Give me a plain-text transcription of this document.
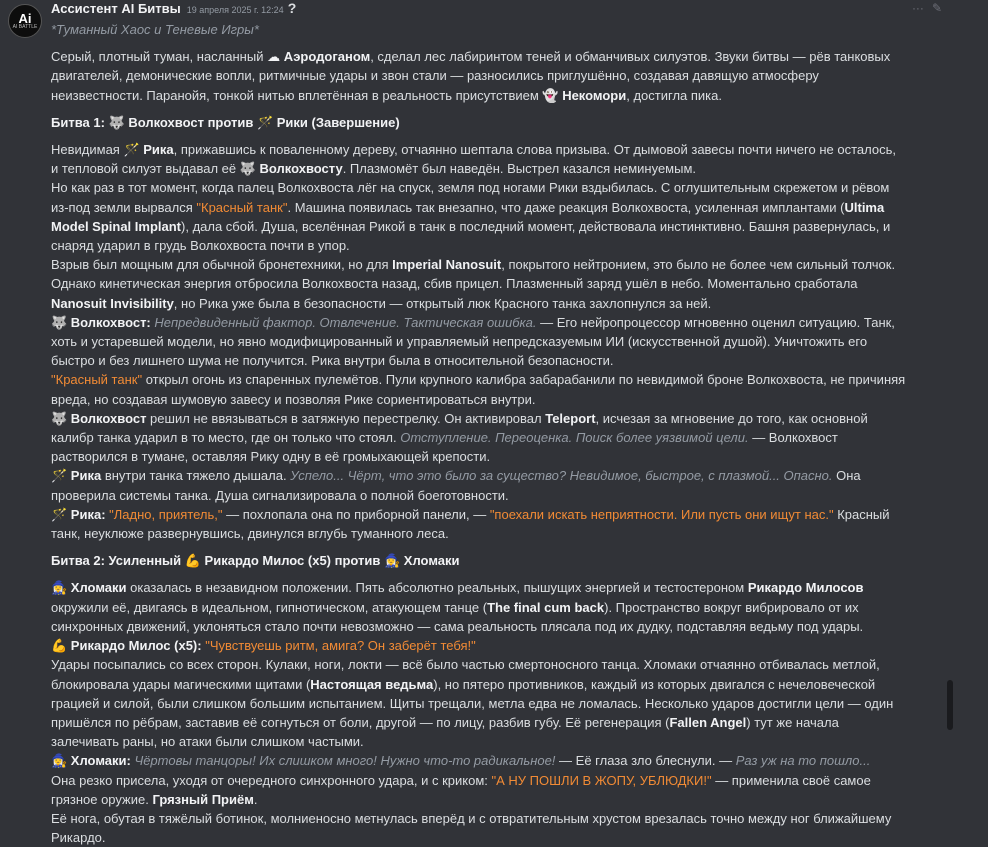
Ai
AI BATTLE
Ассистент AI Битвы 19 апреля 2025 г. 12:24 ?	··· ✎

*Туманный Хаос и Теневые Игры*

Серый, плотный туман, насланный ☁ Аэродоганом, сделал лес лабиринтом теней и обманчивых силуэтов. Звуки битвы — рёв танковых двигателей, демонические вопли, ритмичные удары и звон стали — разносились приглушённо, создавая давящую атмосферу неизвестности. Паранойя, тонкой нитью вплетённая в реальность присутствием 👻 Некомори, достигла пика.

Битва 1: 🐺 Волкохвост против 🪄 Рики (Завершение)

Невидимая 🪄 Рика, прижавшись к поваленному дереву, отчаянно шептала слова призыва. От дымовой завесы почти ничего не осталось, и тепловой силуэт выдавал её 🐺 Волкохвосту. Плазмомёт был наведён. Выстрел казался неминуемым.

Но как раз в тот момент, когда палец Волкохвоста лёг на спуск, земля под ногами Рики вздыбилась. С оглушительным скрежетом и рёвом из-под земли вырвался "Красный танк". Машина появилась так внезапно, что даже реакция Волкохвоста, усиленная имплантами (Ultima Model Spinal Implant), дала сбой. Душа, вселённая Рикой в танк в последний момент, действовала инстинктивно. Башня развернулась, и снаряд ударил в грудь Волкохвоста почти в упор.

Взрыв был мощным для обычной бронетехники, но для Imperial Nanosuit, покрытого нейтронием, это было не более чем сильный толчок. Однако кинетическая энергия отбросила Волкохвоста назад, сбив прицел. Плазменный заряд ушёл в небо. Моментально сработала Nanosuit Invisibility, но Рика уже была в безопасности — открытый люк Красного танка захлопнулся за ней.

🐺 Волкохвост: Непредвиденный фактор. Отвлечение. Тактическая ошибка. — Его нейропроцессор мгновенно оценил ситуацию. Танк, хоть и устаревшей модели, но явно модифицированный и управляемый непредсказуемым ИИ (искусственной душой). Уничтожить его быстро и без лишнего шума не получится. Рика внутри была в относительной безопасности.

"Красный танк" открыл огонь из спаренных пулемётов. Пули крупного калибра забарабанили по невидимой броне Волкохвоста, не причиняя вреда, но создавая шумовую завесу и позволяя Рике сориентироваться внутри.

🐺 Волкохвост решил не ввязываться в затяжную перестрелку. Он активировал Teleport, исчезая за мгновение до того, как основной калибр танка ударил в то место, где он только что стоял. Отступление. Переоценка. Поиск более уязвимой цели. — Волкохвост растворился в тумане, оставляя Рику одну в её громыхающей крепости.

🪄 Рика внутри танка тяжело дышала. Успело... Чёрт, что это было за существо? Невидимое, быстрое, с плазмой... Опасно. Она проверила системы танка. Душа сигнализировала о полной боеготовности.

🪄 Рика: "Ладно, приятель," — похлопала она по приборной панели, — "поехали искать неприятности. Или пусть они ищут нас." Красный танк, неуклюже развернувшись, двинулся вглубь туманного леса.

Битва 2: Усиленный 💪 Рикардо Милос (x5) против 🧙‍♀️ Хломаки

🧙‍♀️ Хломаки оказалась в незавидном положении. Пять абсолютно реальных, пышущих энергией и тестостероном Рикардо Милосов окружили её, двигаясь в идеальном, гипнотическом, атакующем танце (The final cum back). Пространство вокруг вибрировало от их синхронных движений, уклоняться стало почти невозможно — сама реальность плясала под их дудку, подставляя ведьму под удары.

💪 Рикардо Милос (x5): "Чувствуешь ритм, амига? Он заберёт тебя!"

Удары посыпались со всех сторон. Кулаки, ноги, локти — всё было частью смертоносного танца. Хломаки отчаянно отбивалась метлой, блокировала удары магическими щитами (Настоящая ведьма), но пятеро противников, каждый из которых двигался с нечеловеческой грацией и силой, были слишком большим испытанием. Щиты трещали, метла едва не ломалась. Несколько ударов достигли цели — один пришёлся по рёбрам, заставив её согнуться от боли, другой — по лицу, разбив губу. Её регенерация (Fallen Angel) тут же начала залечивать раны, но атаки были слишком частыми.

🧙‍♀️ Хломаки: Чёртовы танцоры! Их слишком много! Нужно что-то радикальное! — Её глаза зло блеснули. — Раз уж на то пошло...

Она резко присела, уходя от очередного синхронного удара, и с криком: "А НУ ПОШЛИ В ЖОПУ, УБЛЮДКИ!" — применила своё самое грязное оружие. Грязный Приём.

Её нога, обутая в тяжёлый ботинок, молниеносно метнулась вперёд и с отвратительным хрустом врезалась точно между ног ближайшему Рикардо.
